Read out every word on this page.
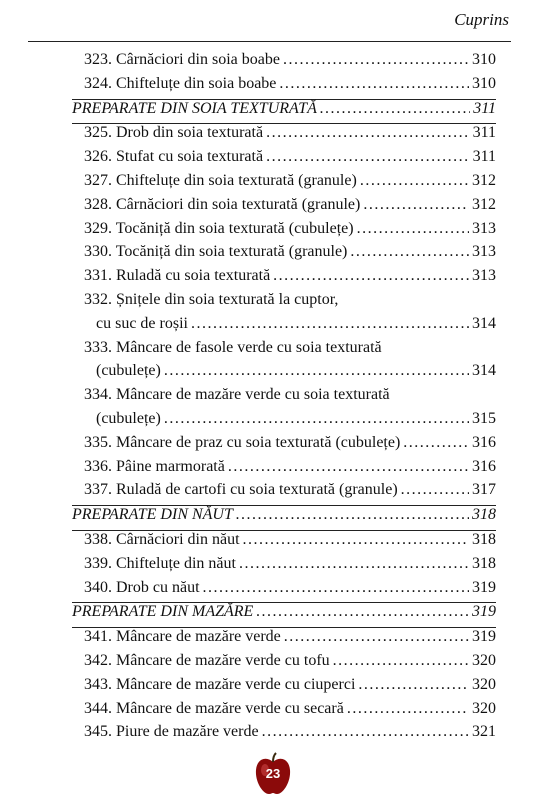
Cuprins
323. Cârnăciori din soia boabe .....	310
324. Chifteluțe din soia boabe .....	310
PREPARATE DIN SOIA TEXTURATĂ .....	311
325. Drob din soia texturată .....	311
326. Stufat cu soia texturată .....	311
327. Chifteluțe din soia texturată (granule) .....	312
328. Cârnăciori din soia texturată (granule) .....	312
329. Tocăniță din soia texturată (cubulețe) .....	313
330. Tocăniță din soia texturată (granule) .....	313
331. Ruladă cu soia texturată .....	313
332. Șnițele din soia texturată la cuptor,
cu suc de roșii .....	314
333. Mâncare de fasole verde cu soia texturată
(cubulețe) .....	314
334. Mâncare de mazăre verde cu soia texturată
(cubulețe) .....	315
335. Mâncare de praz cu soia texturată (cubulețe) .....	316
336. Pâine marmorată .....	316
337. Ruladă de cartofi cu soia texturată (granule) .....	317
PREPARATE DIN NĂUT .....	318
338. Cârnăciori din năut .....	318
339. Chifteluțe din năut .....	318
340. Drob cu năut .....	319
PREPARATE DIN MAZĂRE .....	319
341. Mâncare de mazăre verde .....	319
342. Mâncare de mazăre verde cu tofu .....	320
343. Mâncare de mazăre verde cu ciuperci .....	320
344. Mâncare de mazăre verde cu secară .....	320
345. Piure de mazăre verde .....	321
23
